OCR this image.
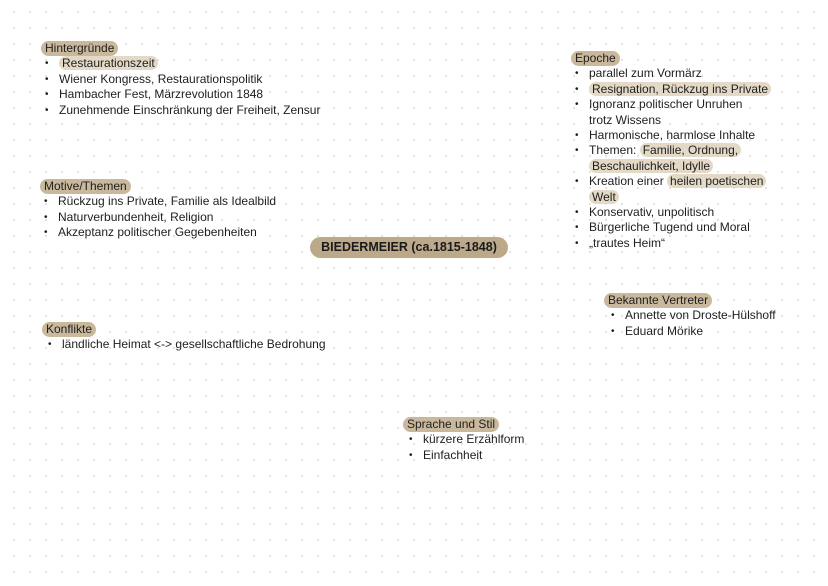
BIEDERMEIER (ca.1815-1848)
Hintergründe
• Restaurationszeit
• Wiener Kongress, Restaurationspolitik
• Hambacher Fest, Märzrevolution 1848
• Zunehmende Einschränkung der Freiheit, Zensur
Epoche
• parallel zum Vormärz
• Resignation, Rückzug ins Private
• Ignoranz politischer Unruhen
trotz Wissens
• Harmonische, harmlose Inhalte
• Themen: Familie, Ordnung,
Beschaulichkeit, Idylle
• Kreation einer heilen poetischen
Welt
• Konservativ, unpolitisch
• Bürgerliche Tugend und Moral
• „trautes Heim“
Motive/Themen
• Rückzug ins Private, Familie als Idealbild
• Naturverbundenheit, Religion
• Akzeptanz politischer Gegebenheiten
Bekannte Vertreter
• Annette von Droste-Hülshoff
• Eduard Mörike
Konflikte
• ländliche Heimat <-> gesellschaftliche Bedrohung
Sprache und Stil
• kürzere Erzählform
• Einfachheit
